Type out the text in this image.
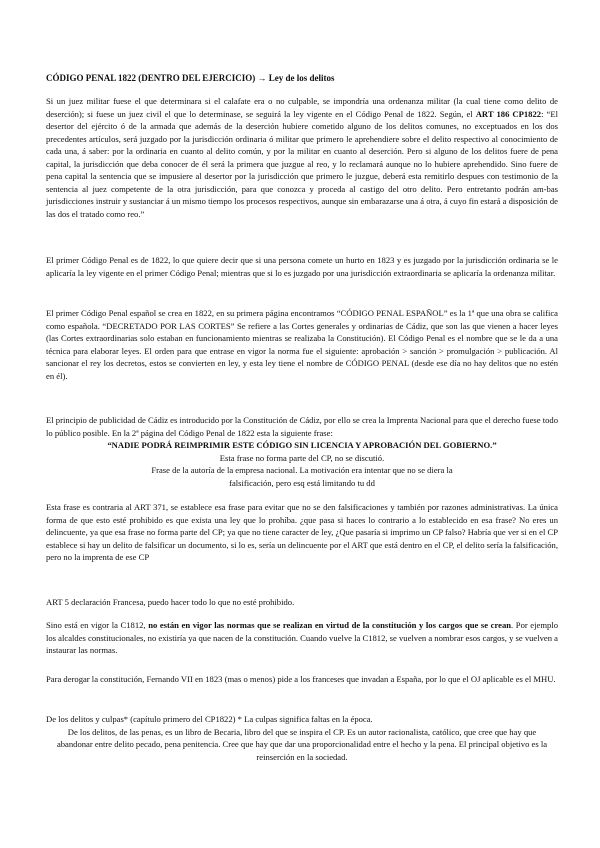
CÓDIGO PENAL 1822 (DENTRO DEL EJERCICIO) → Ley de los delitos

Si un juez militar fuese el que determinara si el calafate era o no culpable, se impondría una ordenanza militar (la cual tiene como delito de deserción); si fuese un juez civil el que lo determinase, se seguirá la ley vigente en el Código Penal de 1822. Según, el ART 186 CP1822: “El desertor del ejército ó de la armada que además de la deserción hubiere cometido alguno de los delitos comunes, no exceptuados en los dos precedentes artículos, será juzgado por la jurisdicción ordinaria ó militar que primero le aprehendiere sobre el delito respectivo al conocimiento de cada una, á saber: por la ordinaria en cuanto al delito común, y por la militar en cuanto al deserción. Pero si alguno de los delitos fuere de pena capital, la jurisdicción que deba conocer de él será la primera que juzgue al reo, y lo reclamará aunque no lo hubiere aprehendido. Sino fuere de pena capital la sentencia que se impusiere al desertor por la jurisdicción que primero le juzgue, deberá esta remitirlo despues con testimonio de la sentencia al juez competente de la otra jurisdicción, para que conozca y proceda al castigo del otro delito. Pero entretanto podrán am-bas jurisdicciones instruir y sustanciar á un mismo tiempo los procesos respectivos, aunque sin embarazarse una á otra, á cuyo fin estará a disposición de las dos el tratado como reo.”

El primer Código Penal es de 1822, lo que quiere decir que si una persona comete un hurto en 1823 y es juzgado por la jurisdicción ordinaria se le aplicaría la ley vigente en el primer Código Penal; mientras que si lo es juzgado por una jurisdicción extraordinaria se aplicaría la ordenanza militar.

El primer Código Penal español se crea en 1822, en su primera página encontramos “CÓDIGO PENAL ESPAÑOL” es la 1ª que una obra se califica como española. “DECRETADO POR LAS CORTES” Se refiere a las Cortes generales y ordinarias de Cádiz, que son las que vienen a hacer leyes (las Cortes extraordinarias solo estaban en funcionamiento mientras se realizaba la Constitución). El Código Penal es el nombre que se le da a una técnica para elaborar leyes. El orden para que entrase en vigor la norma fue el siguiente: aprobación > sanción > promulgación > publicación. Al sancionar el rey los decretos, estos se convierten en ley, y esta ley tiene el nombre de CÓDIGO PENAL (desde ese día no hay delitos que no estén en él).

El principio de publicidad de Cádiz es introducido por la Constitución de Cádiz, por ello se crea la Imprenta Nacional para que el derecho fuese todo lo público posible. En la 2ª página del Código Penal de 1822 esta la siguiente frase:
“NADIE PODRÁ REIMPRIMIR ESTE CÓDIGO SIN LICENCIA Y APROBACIÓN DEL GOBIERNO.”
Esta frase no forma parte del CP, no se discutió.
Frase de la autoría de la empresa nacional. La motivación era intentar que no se diera la
falsificación, pero esq está limitando tu dd

Esta frase es contraria al ART 371, se establece esa frase para evitar que no se den falsificaciones y también por razones administrativas. La única forma de que esto esté prohibido es que exista una ley que lo prohíba. ¿que pasa si haces lo contrario a lo establecido en esa frase? No eres un delincuente, ya que esa frase no forma parte del CP; ya que no tiene caracter de ley, ¿Que pasaría si imprimo un CP falso? Habría que ver si en el CP establece si hay un delito de falsificar un documento, si lo es, sería un delincuente por el ART que está dentro en el CP, el delito sería la falsificación, pero no la imprenta de ese CP

ART 5 declaración Francesa, puedo hacer todo lo que no esté prohibido.

Sino está en vigor la C1812, no están en vigor las normas que se realizan en virtud de la constitución y los cargos que se crean. Por ejemplo los alcaldes constitucionales, no existiría ya que nacen de la constitución. Cuando vuelve la C1812, se vuelven a nombrar esos cargos, y se vuelven a instaurar las normas.

Para derogar la constitución, Fernando VII en 1823 (mas o menos) pide a los franceses que invadan a España, por lo que el OJ aplicable es el MHU.

De los delitos y culpas* (capítulo primero del CP1822) * La culpas significa faltas en la época.
De los delitos, de las penas, es un libro de Becaria, libro del que se inspira el CP. Es un autor racionalista, católico, que cree que hay que abandonar entre delito pecado, pena penitencia. Cree que hay que dar una proporcionalidad entre el hecho y la pena. El principal objetivo es la reinserción en la sociedad.
